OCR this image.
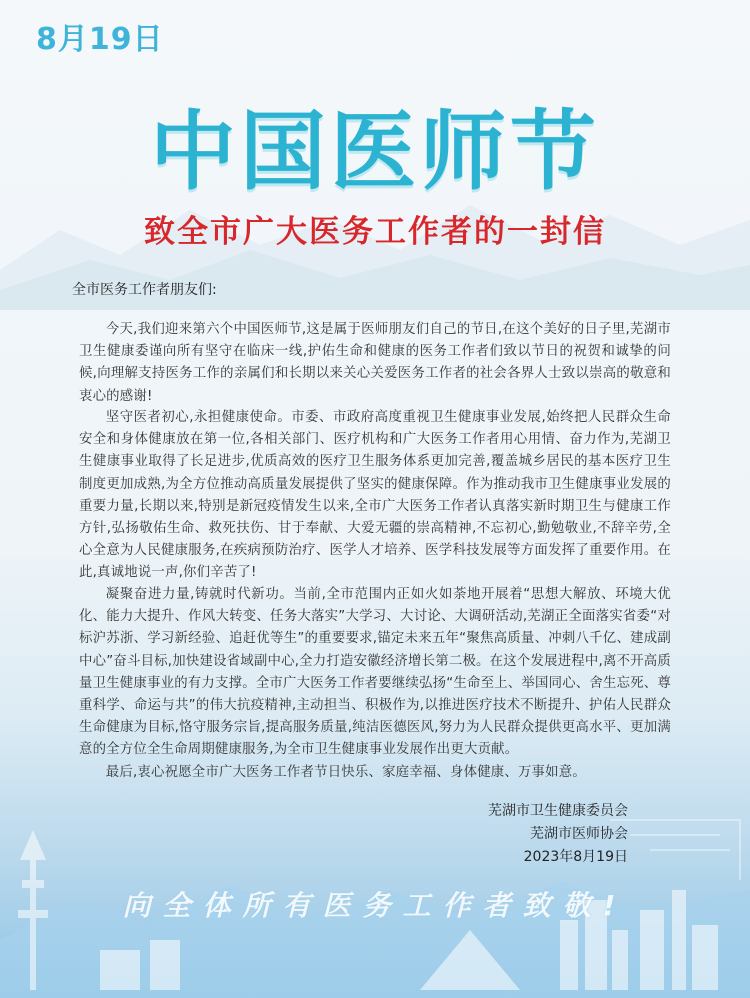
8月19日
中国医师节
致全市广大医务工作者的一封信
全市医务工作者朋友们:

今天,我们迎来第六个中国医师节,这是属于医师朋友们自己的节日,在这个美好的日子里,芜湖市卫生健康委谨向所有坚守在临床一线,护佑生命和健康的医务工作者们致以节日的祝贺和诚挚的问候,向理解支持医务工作的亲属们和长期以来关心关爱医务工作者的社会各界人士致以崇高的敬意和衷心的感谢!

坚守医者初心,永担健康使命。市委、市政府高度重视卫生健康事业发展,始终把人民群众生命安全和身体健康放在第一位,各相关部门、医疗机构和广大医务工作者用心用情、奋力作为,芜湖卫生健康事业取得了长足进步,优质高效的医疗卫生服务体系更加完善,覆盖城乡居民的基本医疗卫生制度更加成熟,为全方位推动高质量发展提供了坚实的健康保障。作为推动我市卫生健康事业发展的重要力量,长期以来,特别是新冠疫情发生以来,全市广大医务工作者认真落实新时期卫生与健康工作方针,弘扬敬佑生命、救死扶伤、甘于奉献、大爱无疆的崇高精神,不忘初心,勤勉敬业,不辞辛劳,全心全意为人民健康服务,在疾病预防治疗、医学人才培养、医学科技发展等方面发挥了重要作用。在此,真诚地说一声,你们辛苦了!

凝聚奋进力量,铸就时代新功。当前,全市范围内正如火如荼地开展着“思想大解放、环境大优化、能力大提升、作风大转变、任务大落实”大学习、大讨论、大调研活动,芜湖正全面落实省委“对标沪苏浙、学习新经验、追赶优等生”的重要要求,锚定未来五年“聚焦高质量、冲刺八千亿、建成副中心”奋斗目标,加快建设省域副中心,全力打造安徽经济增长第二极。在这个发展进程中,离不开高质量卫生健康事业的有力支撑。全市广大医务工作者要继续弘扬“生命至上、举国同心、舍生忘死、尊重科学、命运与共”的伟大抗疫精神,主动担当、积极作为,以推进医疗技术不断提升、护佑人民群众生命健康为目标,恪守服务宗旨,提高服务质量,纯洁医德医风,努力为人民群众提供更高水平、更加满意的全方位全生命周期健康服务,为全市卫生健康事业发展作出更大贡献。

最后,衷心祝愿全市广大医务工作者节日快乐、家庭幸福、身体健康、万事如意。

芜湖市卫生健康委员会
芜湖市医师协会
2023年8月19日
向全体所有医务工作者致敬!
